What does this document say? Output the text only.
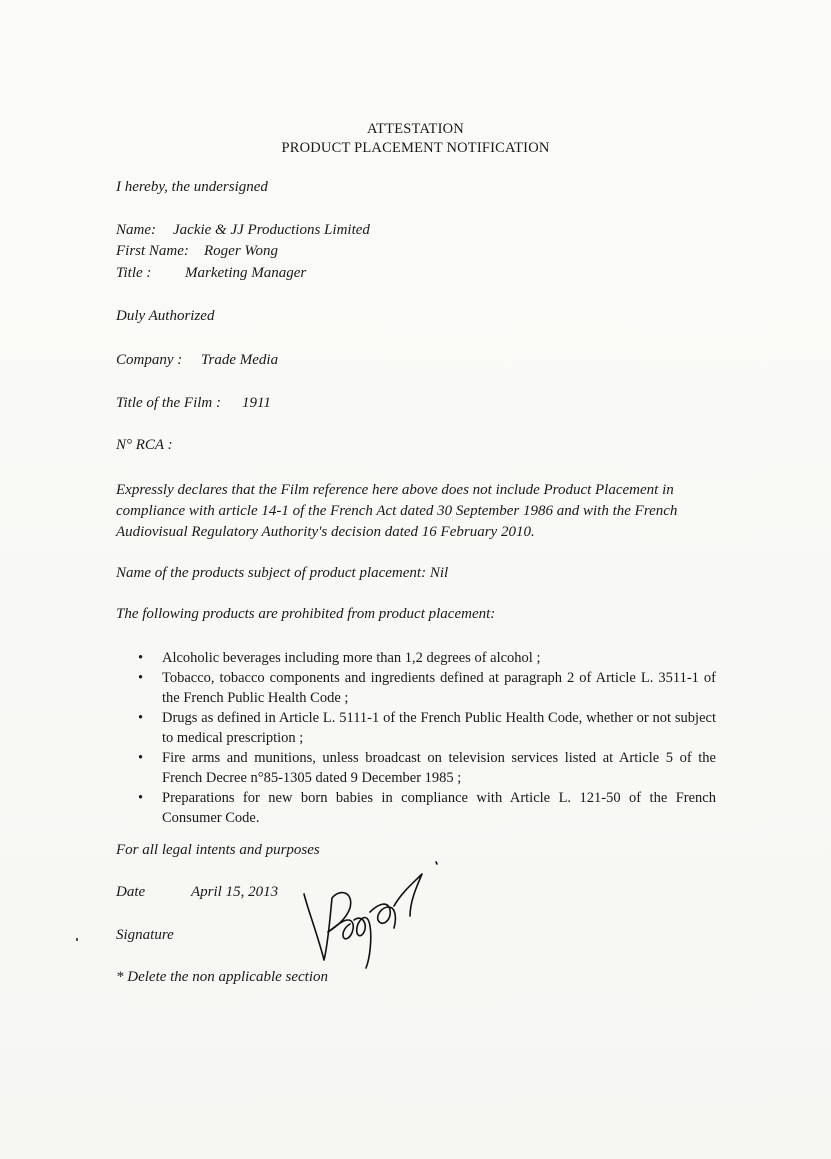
ATTESTATION
PRODUCT PLACEMENT NOTIFICATION
I hereby, the undersigned
Name: Jackie & JJ Productions Limited
First Name: Roger Wong
Title : Marketing Manager
Duly Authorized
Company : Trade Media
Title of the Film : 1911
N° RCA :
Expressly declares that the Film reference here above does not include Product Placement in compliance with article 14-1 of the French Act dated 30 September 1986 and with the French Audiovisual Regulatory Authority's decision dated 16 February 2010.
Name of the products subject of product placement: Nil
The following products are prohibited from product placement:
• Alcoholic beverages including more than 1,2 degrees of alcohol ;
• Tobacco, tobacco components and ingredients defined at paragraph 2 of Article L. 3511-1 of the French Public Health Code ;
• Drugs as defined in Article L. 5111-1 of the French Public Health Code, whether or not subject to medical prescription ;
• Fire arms and munitions, unless broadcast on television services listed at Article 5 of the French Decree n°85-1305 dated 9 December 1985 ;
• Preparations for new born babies in compliance with Article L. 121-50 of the French Consumer Code.
For all legal intents and purposes
Date	April 15, 2013
Signature
* Delete the non applicable section
